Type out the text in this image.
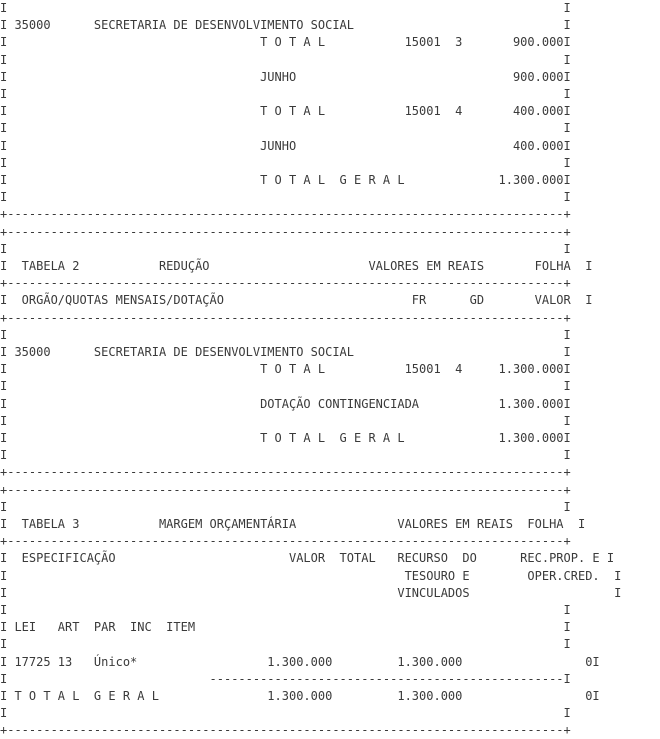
I                                                                             I
I 35000      SECRETARIA DE DESENVOLVIMENTO SOCIAL                             I
I                                   T O T A L           15001  3       900.000I
I                                                                             I
I                                   JUNHO                              900.000I
I                                                                             I
I                                   T O T A L           15001  4       400.000I
I                                                                             I
I                                   JUNHO                              400.000I
I                                                                             I
I                                   T O T A L  G E R A L             1.300.000I
I                                                                             I
+-----------------------------------------------------------------------------+
+-----------------------------------------------------------------------------+
I                                                                             I
I  TABELA 2           REDUÇÃO                      VALORES EM REAIS       FOLHA  I
+-----------------------------------------------------------------------------+
I  ORGÃO/QUOTAS MENSAIS/DOTAÇÃO                          FR      GD       VALOR  I
+-----------------------------------------------------------------------------+
I                                                                             I
I 35000      SECRETARIA DE DESENVOLVIMENTO SOCIAL                             I
I                                   T O T A L           15001  4     1.300.000I
I                                                                             I
I                                   DOTAÇÃO CONTINGENCIADA           1.300.000I
I                                                                             I
I                                   T O T A L  G E R A L             1.300.000I
I                                                                             I
+-----------------------------------------------------------------------------+
+-----------------------------------------------------------------------------+
I                                                                             I
I  TABELA 3           MARGEM ORÇAMENTÁRIA              VALORES EM REAIS  FOLHA  I
+-----------------------------------------------------------------------------+
I  ESPECIFICAÇÃO                        VALOR  TOTAL   RECURSO  DO      REC.PROP. E I
I                                                       TESOURO E        OPER.CRED.  I
I                                                      VINCULADOS                    I
I                                                                             I
I LEI   ART  PAR  INC  ITEM                                                   I
I                                                                             I
I 17725 13   Único*                  1.300.000         1.300.000                 0I
I                            -------------------------------------------------I
I T O T A L  G E R A L               1.300.000         1.300.000                 0I
I                                                                             I
+-----------------------------------------------------------------------------+
